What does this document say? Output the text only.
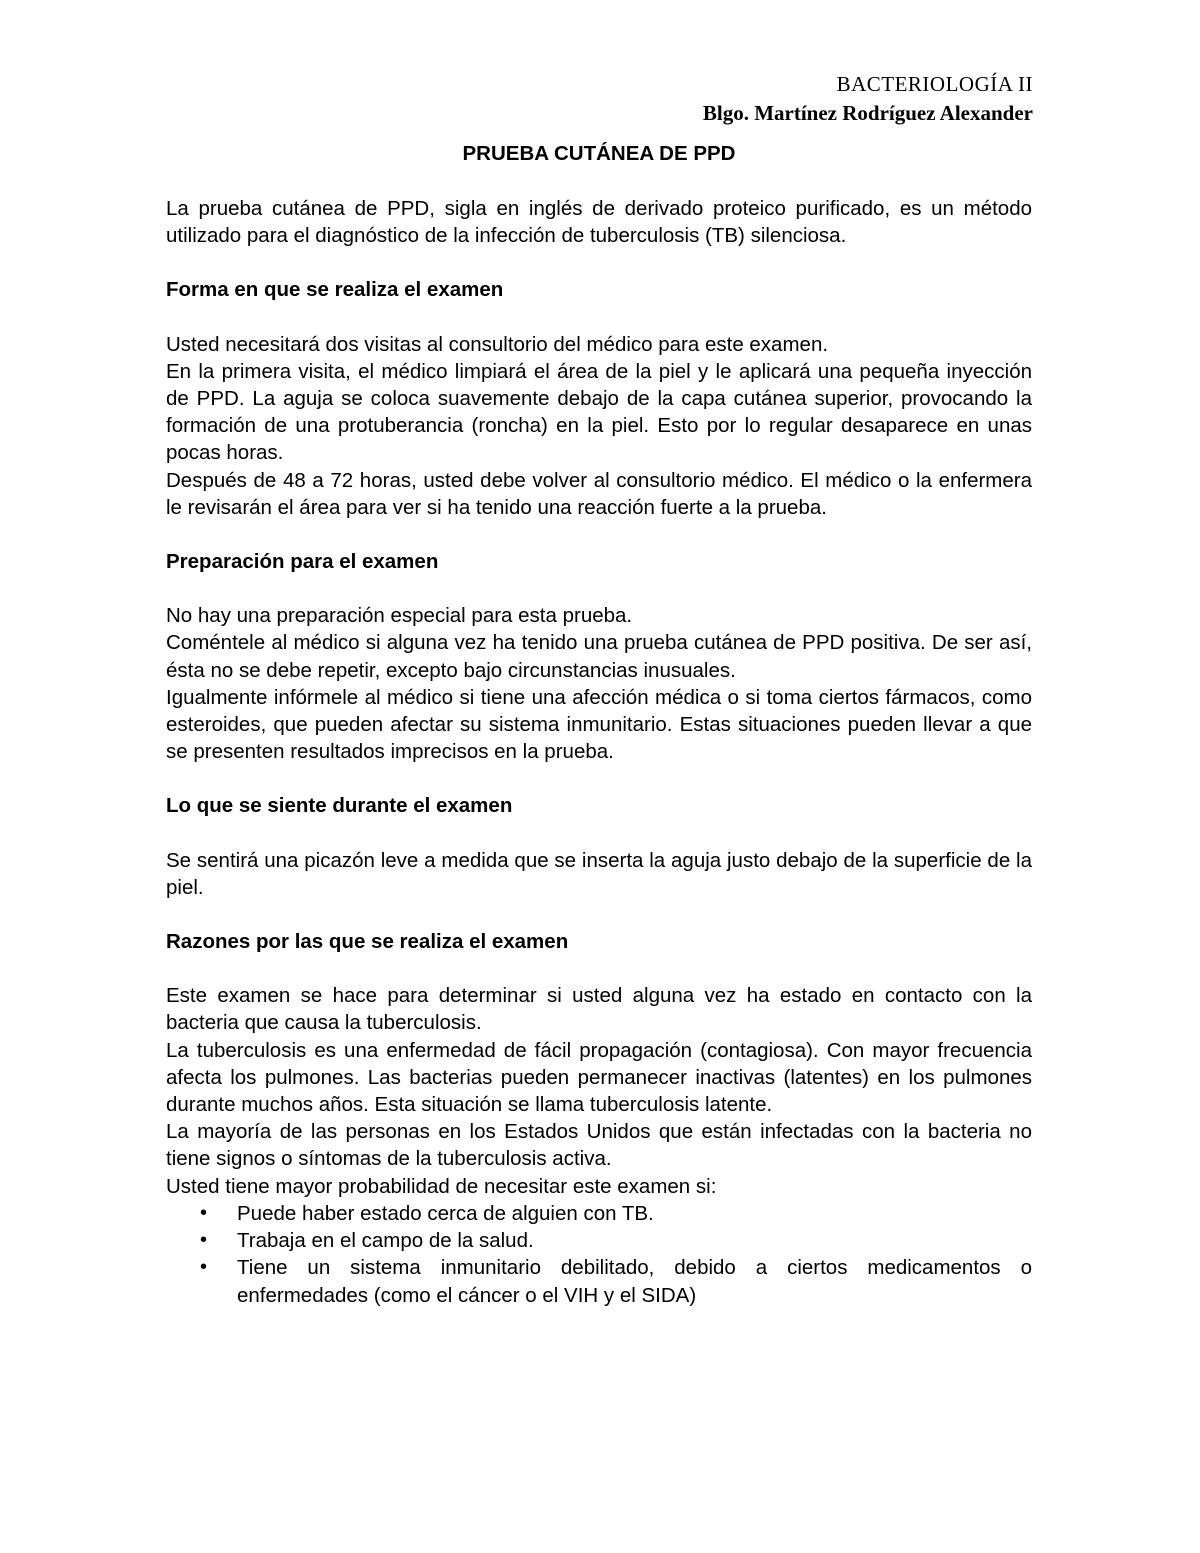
BACTERIOLOGÍA II
Blgo. Martínez Rodríguez Alexander
PRUEBA CUTÁNEA DE PPD

La prueba cutánea de PPD, sigla en inglés de derivado proteico purificado, es un método utilizado para el diagnóstico de la infección de tuberculosis (TB) silenciosa.

Forma en que se realiza el examen

Usted necesitará dos visitas al consultorio del médico para este examen.

En la primera visita, el médico limpiará el área de la piel y le aplicará una pequeña inyección de PPD. La aguja se coloca suavemente debajo de la capa cutánea superior, provocando la formación de una protuberancia (roncha) en la piel. Esto por lo regular desaparece en unas pocas horas.

Después de 48 a 72 horas, usted debe volver al consultorio médico. El médico o la enfermera le revisarán el área para ver si ha tenido una reacción fuerte a la prueba.

Preparación para el examen

No hay una preparación especial para esta prueba.

Coméntele al médico si alguna vez ha tenido una prueba cutánea de PPD positiva. De ser así, ésta no se debe repetir, excepto bajo circunstancias inusuales.

Igualmente infórmele al médico si tiene una afección médica o si toma ciertos fármacos, como esteroides, que pueden afectar su sistema inmunitario. Estas situaciones pueden llevar a que se presenten resultados imprecisos en la prueba.

Lo que se siente durante el examen

Se sentirá una picazón leve a medida que se inserta la aguja justo debajo de la superficie de la piel.

Razones por las que se realiza el examen

Este examen se hace para determinar si usted alguna vez ha estado en contacto con la bacteria que causa la tuberculosis.

La tuberculosis es una enfermedad de fácil propagación (contagiosa). Con mayor frecuencia afecta los pulmones. Las bacterias pueden permanecer inactivas (latentes) en los pulmones durante muchos años. Esta situación se llama tuberculosis latente.

La mayoría de las personas en los Estados Unidos que están infectadas con la bacteria no tiene signos o síntomas de la tuberculosis activa.

Usted tiene mayor probabilidad de necesitar este examen si:

• Puede haber estado cerca de alguien con TB.
• Trabaja en el campo de la salud.
• Tiene un sistema inmunitario debilitado, debido a ciertos medicamentos o enfermedades (como el cáncer o el VIH y el SIDA)
